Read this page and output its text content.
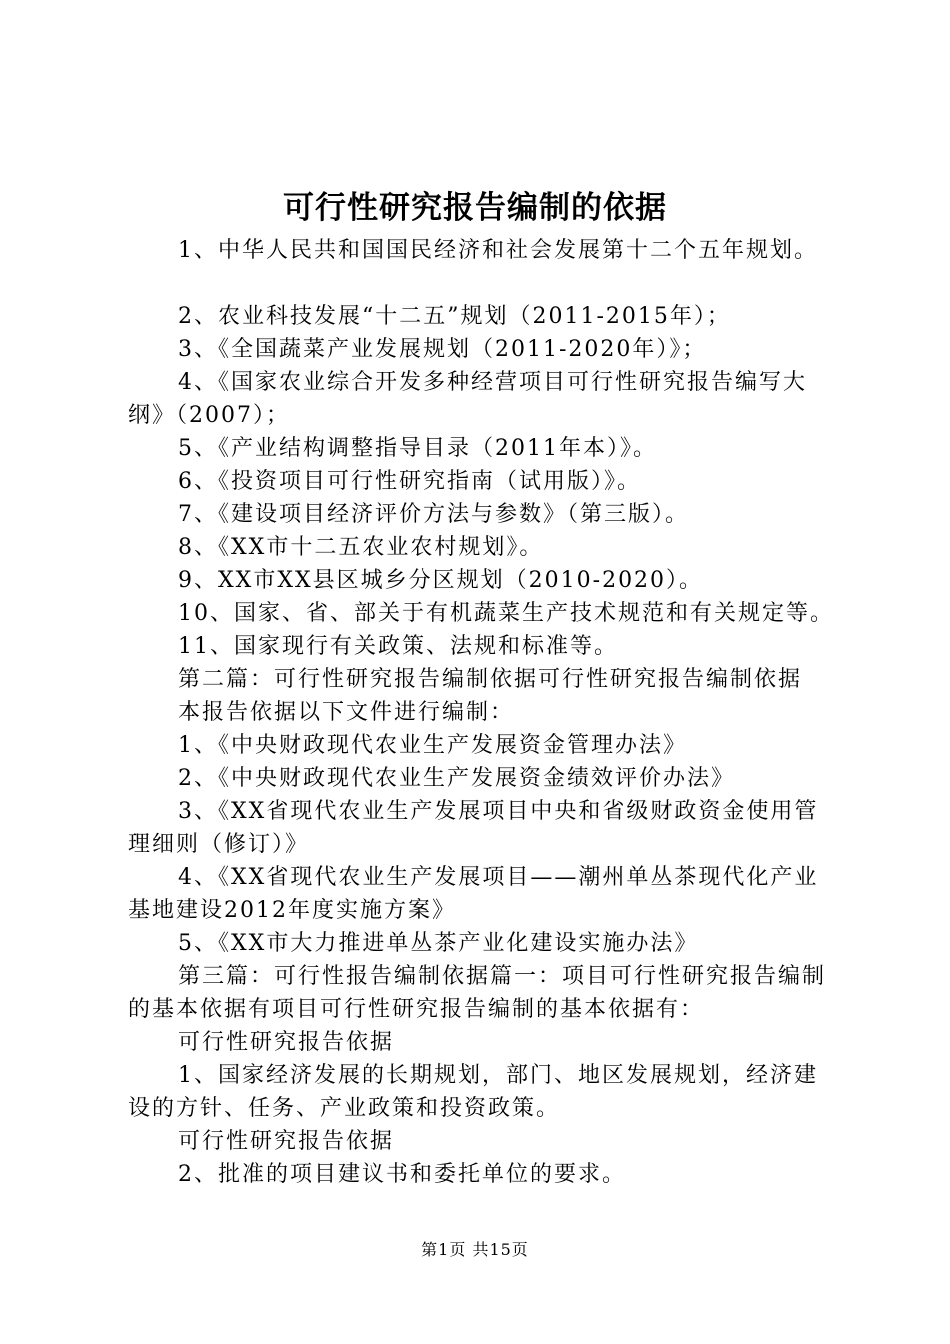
可行性研究报告编制的依据

1、中华人民共和国国民经济和社会发展第十二个五年规划。

2、农业科技发展“十二五”规划（2011-2015年）；

3、《全国蔬菜产业发展规划（2011-2020年）》；

4、《国家农业综合开发多种经营项目可行性研究报告编写大纲》（2007）；

5、《产业结构调整指导目录（2011年本）》。

6、《投资项目可行性研究指南（试用版）》。

7、《建设项目经济评价方法与参数》（第三版）。

8、《XX市十二五农业农村规划》。

9、XX市XX县区城乡分区规划（2010-2020）。

10、国家、省、部关于有机蔬菜生产技术规范和有关规定等。

11、国家现行有关政策、法规和标准等。

第二篇：可行性研究报告编制依据可行性研究报告编制依据

本报告依据以下文件进行编制：

1、《中央财政现代农业生产发展资金管理办法》

2、《中央财政现代农业生产发展资金绩效评价办法》

3、《XX省现代农业生产发展项目中央和省级财政资金使用管理细则（修订）》

4、《XX省现代农业生产发展项目——潮州单丛茶现代化产业基地建设2012年度实施方案》

5、《XX市大力推进单丛茶产业化建设实施办法》

第三篇：可行性报告编制依据篇一：项目可行性研究报告编制的基本依据有项目可行性研究报告编制的基本依据有：

可行性研究报告依据

1、国家经济发展的长期规划，部门、地区发展规划，经济建设的方针、任务、产业政策和投资政策。

可行性研究报告依据

2、批准的项目建议书和委托单位的要求。

第1页 共15页
